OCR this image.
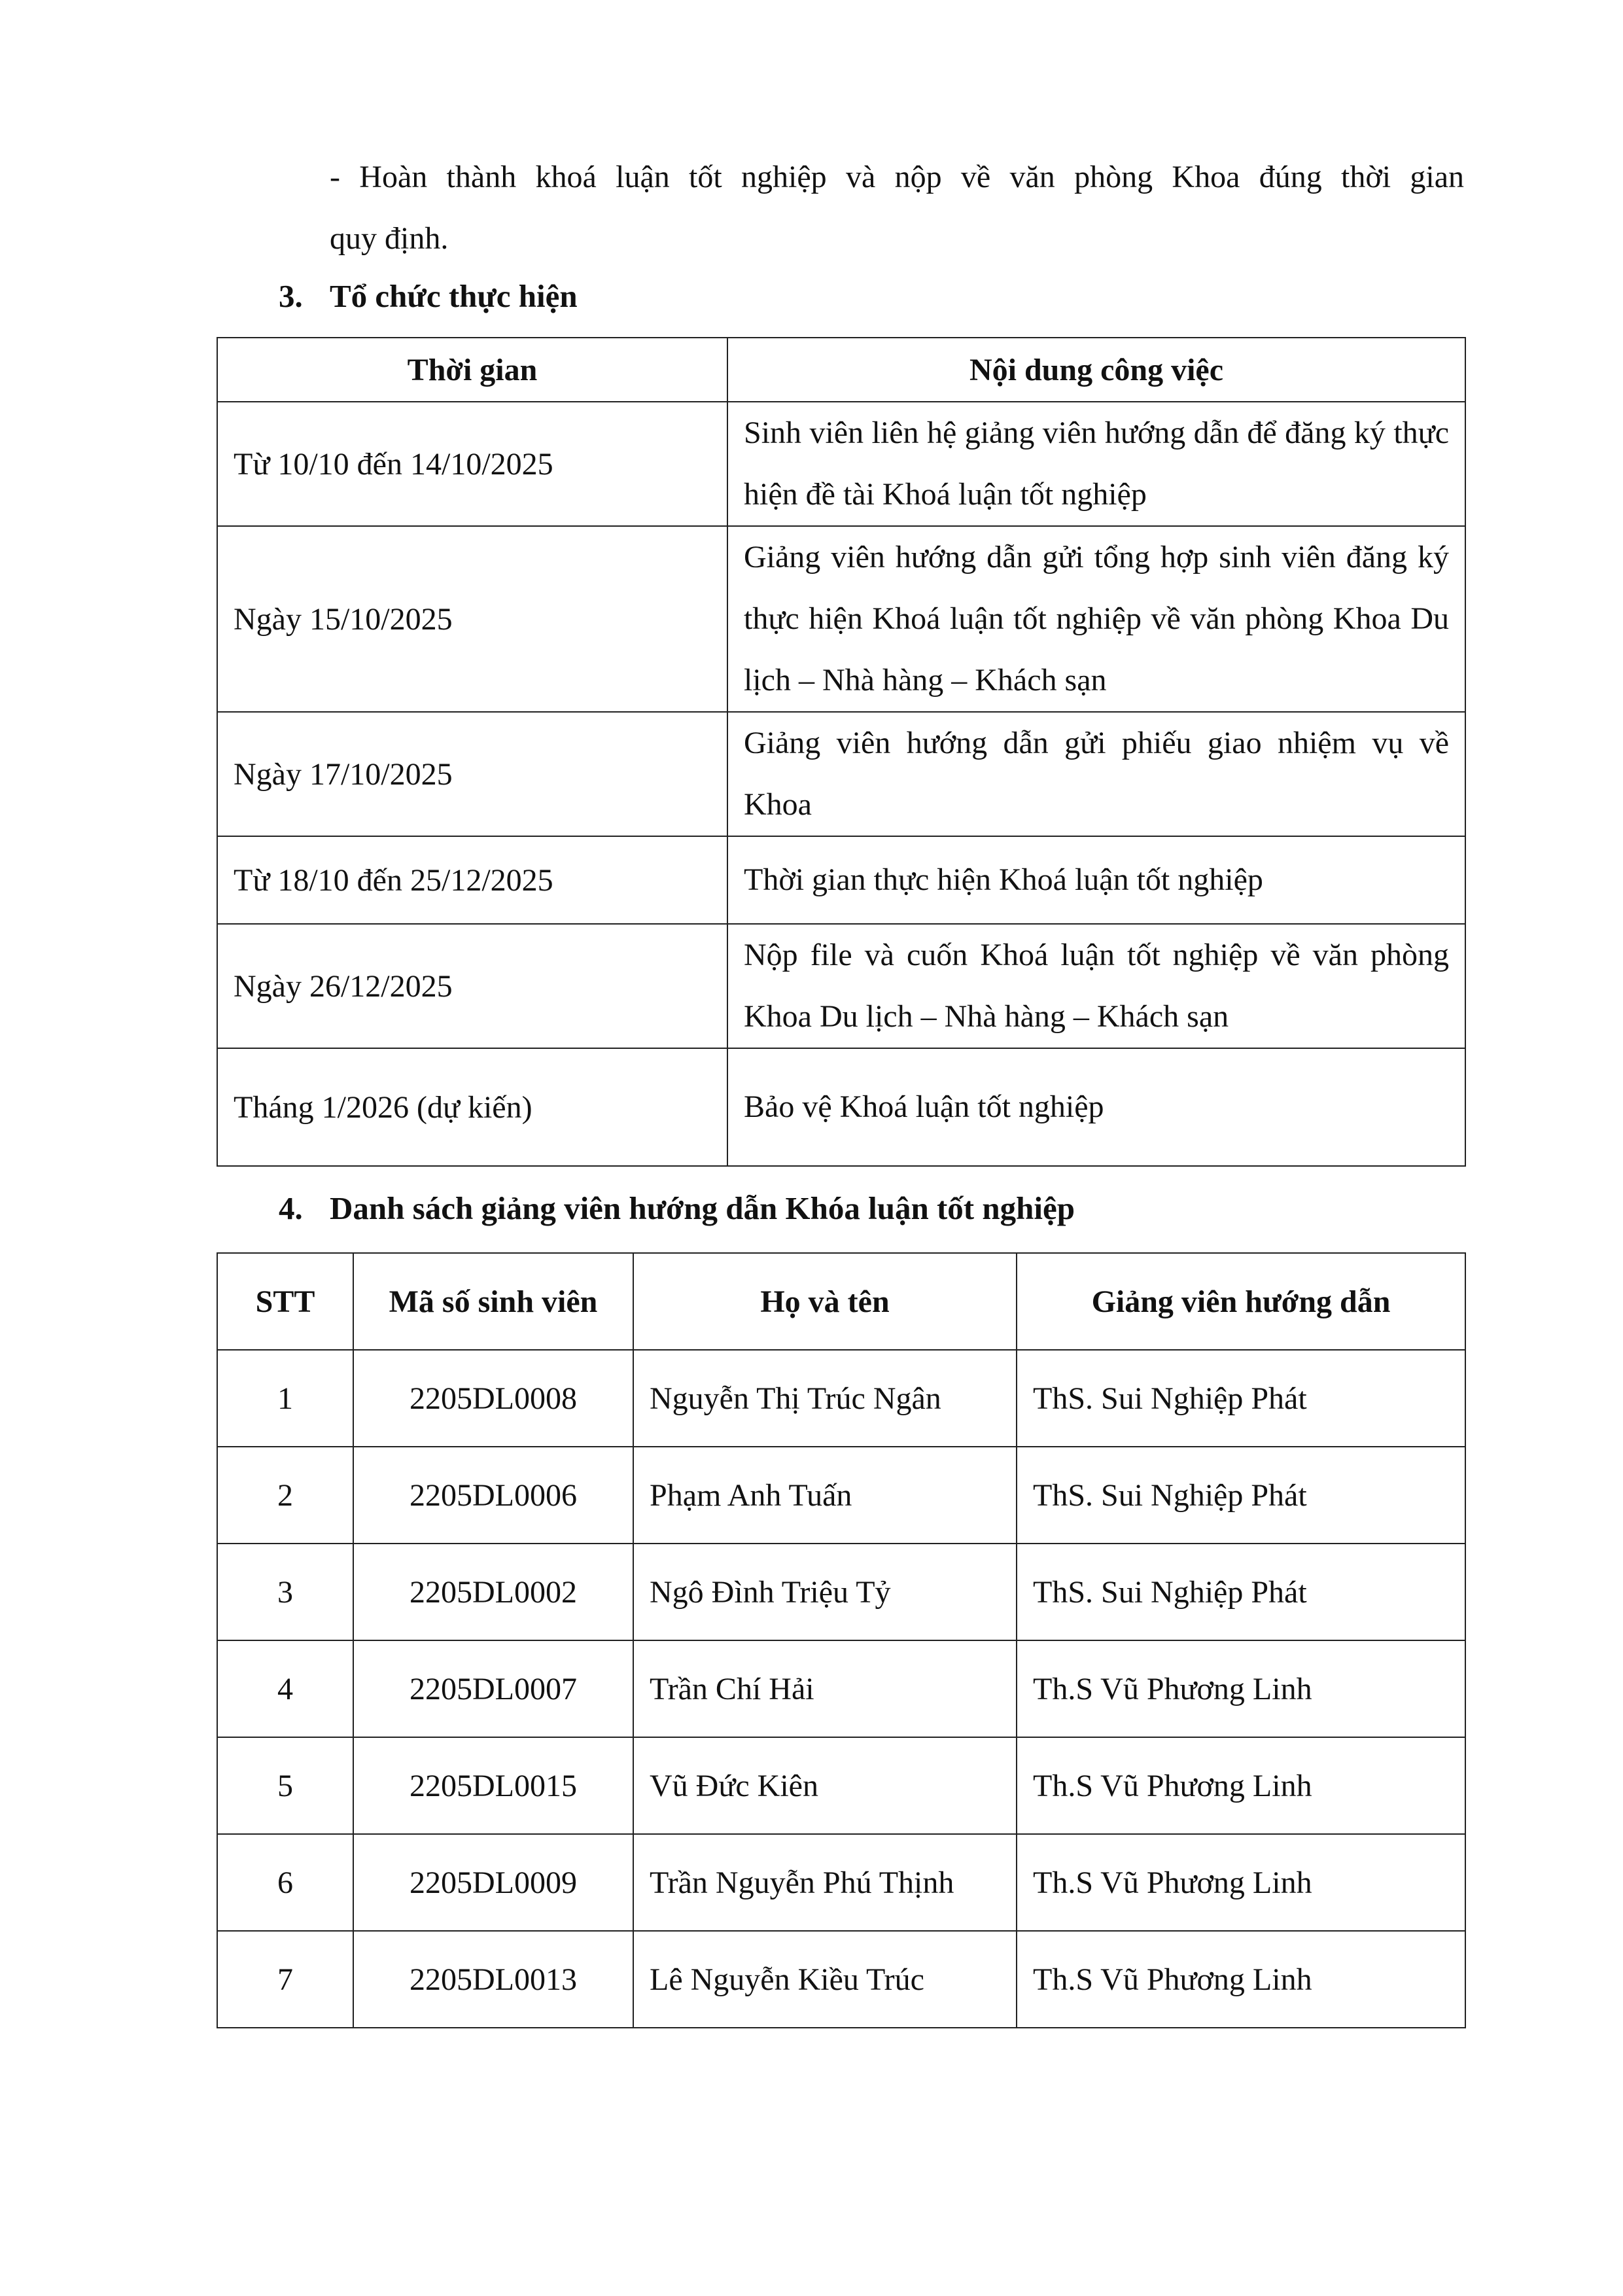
- Hoàn thành khoá luận tốt nghiệp và nộp về văn phòng Khoa đúng thời gian
quy định.
3. Tổ chức thực hiện
Thời gian	Nội dung công việc
Từ 10/10 đến 14/10/2025	Sinh viên liên hệ giảng viên hướng dẫn để đăng ký thực hiện đề tài Khoá luận tốt nghiệp
Ngày 15/10/2025	Giảng viên hướng dẫn gửi tổng hợp sinh viên đăng ký thực hiện Khoá luận tốt nghiệp về văn phòng Khoa Du lịch – Nhà hàng – Khách sạn
Ngày 17/10/2025	Giảng viên hướng dẫn gửi phiếu giao nhiệm vụ về Khoa
Từ 18/10 đến 25/12/2025	Thời gian thực hiện Khoá luận tốt nghiệp
Ngày 26/12/2025	Nộp file và cuốn Khoá luận tốt nghiệp về văn phòng Khoa Du lịch – Nhà hàng – Khách sạn
Tháng 1/2026 (dự kiến)	Bảo vệ Khoá luận tốt nghiệp
4. Danh sách giảng viên hướng dẫn Khóa luận tốt nghiệp
STT	Mã số sinh viên	Họ và tên	Giảng viên hướng dẫn
1	2205DL0008	Nguyễn Thị Trúc Ngân	ThS. Sui Nghiệp Phát
2	2205DL0006	Phạm Anh Tuấn	ThS. Sui Nghiệp Phát
3	2205DL0002	Ngô Đình Triệu Tỷ	ThS. Sui Nghiệp Phát
4	2205DL0007	Trần Chí Hải	Th.S Vũ Phương Linh
5	2205DL0015	Vũ Đức Kiên	Th.S Vũ Phương Linh
6	2205DL0009	Trần Nguyễn Phú Thịnh	Th.S Vũ Phương Linh
7	2205DL0013	Lê Nguyễn Kiều Trúc	Th.S Vũ Phương Linh
